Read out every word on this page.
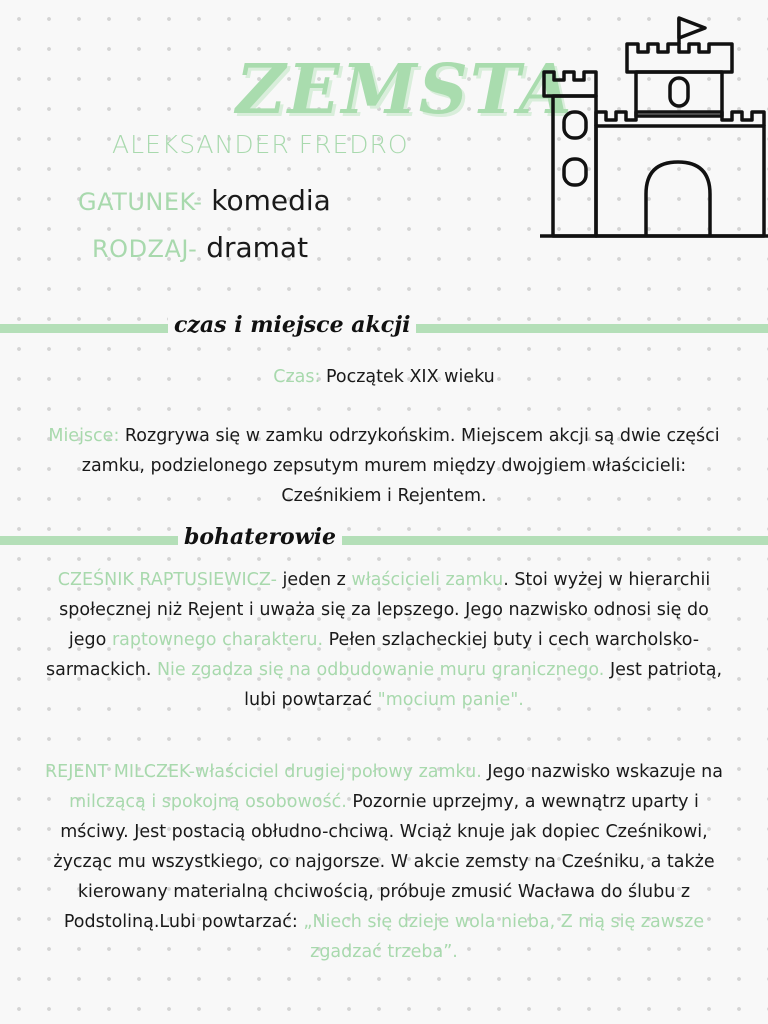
ZEMSTA
ALEKSANDER FREDRO
GATUNEK- komedia
RODZAJ- dramat
czas i miejsce akcji
Czas: Początek XIX wieku
Miejsce: Rozgrywa się w zamku odrzykońskim. Miejscem akcji są dwie części zamku, podzielonego zepsutym murem między dwojgiem właścicieli: Cześnikiem i Rejentem.
bohaterowie
CZEŚNIK RAPTUSIEWICZ- jeden z właścicieli zamku. Stoi wyżej w hierarchii społecznej niż Rejent i uważa się za lepszego. Jego nazwisko odnosi się do jego raptownego charakteru. Pełen szlacheckiej buty i cech warcholsko-sarmackich. Nie zgadza się na odbudowanie muru granicznego. Jest patriotą, lubi powtarzać "mocium panie".
REJENT MILCZEK-właściciel drugiej połowy zamku. Jego nazwisko wskazuje na milczącą i spokojną osobowość. Pozornie uprzejmy, a wewnątrz uparty i mściwy. Jest postacią obłudno-chciwą. Wciąż knuje jak dopiec Cześnikowi, życząc mu wszystkiego, co najgorsze. W akcie zemsty na Cześniku, a także kierowany materialną chciwością, próbuje zmusić Wacława do ślubu z Podstoliną.Lubi powtarzać: „Niech się dzieje wola nieba, Z nią się zawsze zgadzać trzeba”.
